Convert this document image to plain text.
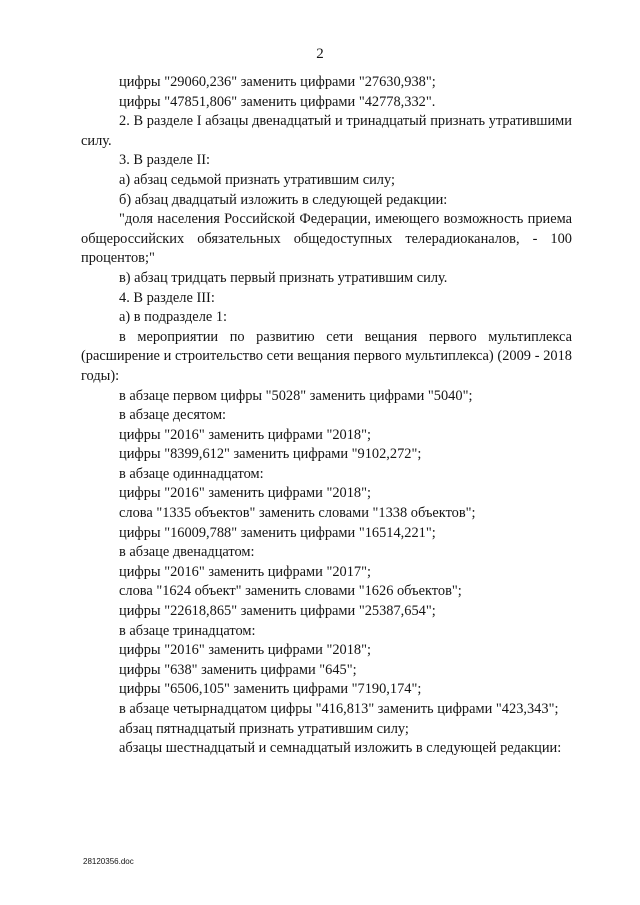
2

цифры "29060,236" заменить цифрами "27630,938";

цифры "47851,806" заменить цифрами "42778,332".

2. В разделе I абзацы двенадцатый и тринадцатый признать утратившими силу.

3. В разделе II:

а) абзац седьмой признать утратившим силу;

б) абзац двадцатый изложить в следующей редакции:

"доля населения Российской Федерации, имеющего возможность приема общероссийских обязательных общедоступных телерадиоканалов, - 100 процентов;"

в) абзац тридцать первый признать утратившим силу.

4. В разделе III:

а) в подразделе 1:

в мероприятии по развитию сети вещания первого мультиплекса (расширение и строительство сети вещания первого мультиплекса) (2009 - 2018 годы):

в абзаце первом цифры "5028" заменить цифрами "5040";

в абзаце десятом:

цифры "2016" заменить цифрами "2018";

цифры "8399,612" заменить цифрами "9102,272";

в абзаце одиннадцатом:

цифры "2016" заменить цифрами "2018";

слова "1335 объектов" заменить словами "1338 объектов";

цифры "16009,788" заменить цифрами "16514,221";

в абзаце двенадцатом:

цифры "2016" заменить цифрами "2017";

слова "1624 объект" заменить словами "1626 объектов";

цифры "22618,865" заменить цифрами "25387,654";

в абзаце тринадцатом:

цифры "2016" заменить цифрами "2018";

цифры "638" заменить цифрами "645";

цифры "6506,105" заменить цифрами "7190,174";

в абзаце четырнадцатом цифры "416,813" заменить цифрами "423,343";

абзац пятнадцатый признать утратившим силу;

абзацы шестнадцатый и семнадцатый изложить в следующей редакции:

28120356.doc
